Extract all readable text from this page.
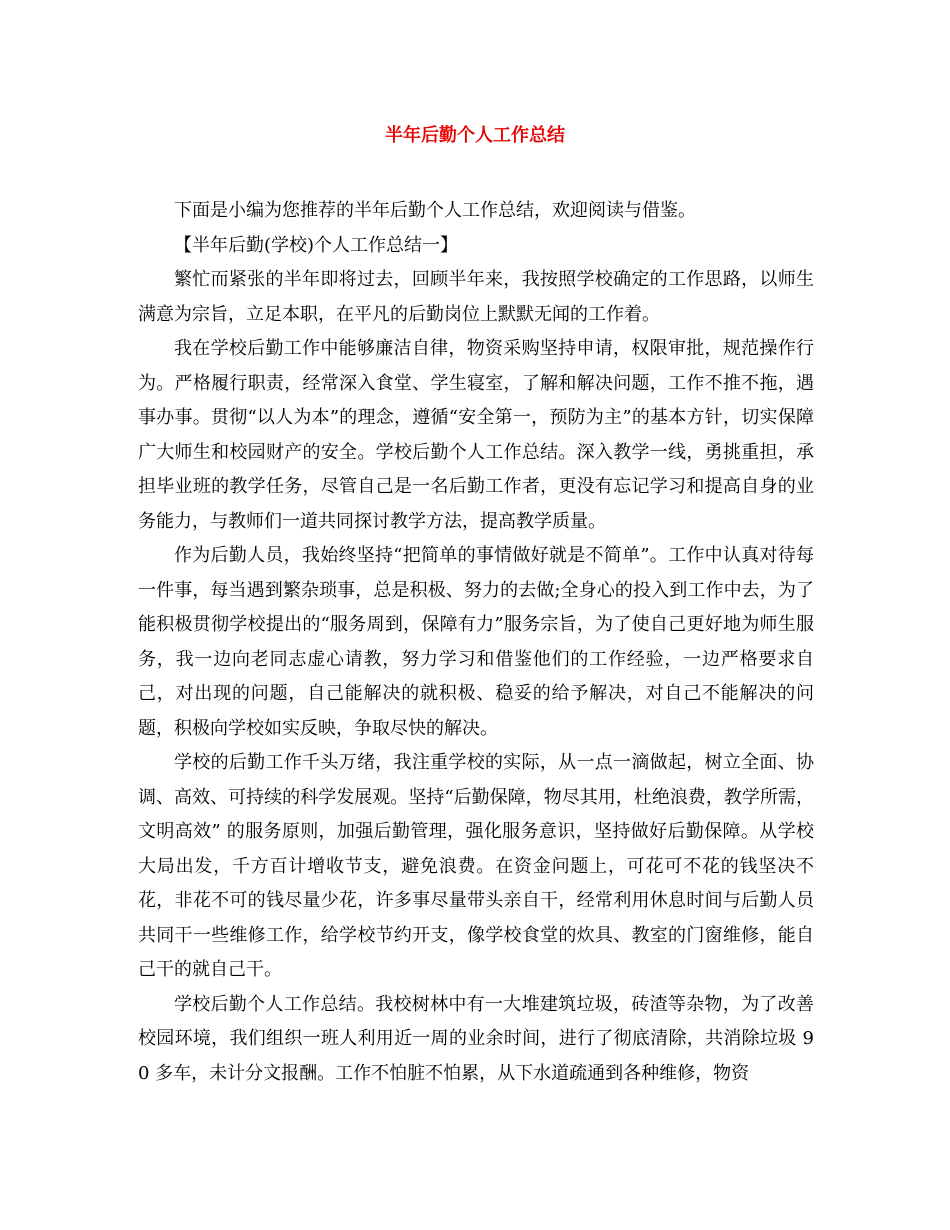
半年后勤个人工作总结

下面是小编为您推荐的半年后勤个人工作总结，欢迎阅读与借鉴。

【半年后勤(学校)个人工作总结一】

繁忙而紧张的半年即将过去，回顾半年来，我按照学校确定的工作思路，以师生满意为宗旨，立足本职，在平凡的后勤岗位上默默无闻的工作着。

我在学校后勤工作中能够廉洁自律，物资采购坚持申请，权限审批，规范操作行为。严格履行职责，经常深入食堂、学生寝室，了解和解决问题，工作不推不拖，遇事办事。贯彻“以人为本”的理念，遵循“安全第一，预防为主”的基本方针，切实保障广大师生和校园财产的安全。学校后勤个人工作总结。深入教学一线，勇挑重担，承担毕业班的教学任务，尽管自己是一名后勤工作者，更没有忘记学习和提高自身的业务能力，与教师们一道共同探讨教学方法，提高教学质量。

作为后勤人员，我始终坚持“把简单的事情做好就是不简单”。工作中认真对待每一件事，每当遇到繁杂琐事，总是积极、努力的去做;全身心的投入到工作中去，为了能积极贯彻学校提出的“服务周到，保障有力”服务宗旨，为了使自己更好地为师生服务，我一边向老同志虚心请教，努力学习和借鉴他们的工作经验，一边严格要求自己，对出现的问题，自己能解决的就积极、稳妥的给予解决，对自己不能解决的问题，积极向学校如实反映，争取尽快的解决。

学校的后勤工作千头万绪，我注重学校的实际，从一点一滴做起，树立全面、协调、高效、可持续的科学发展观。坚持“后勤保障，物尽其用，杜绝浪费，教学所需，文明高效” 的服务原则，加强后勤管理，强化服务意识，坚持做好后勤保障。从学校大局出发，千方百计增收节支，避免浪费。在资金问题上，可花可不花的钱坚决不花，非花不可的钱尽量少花，许多事尽量带头亲自干，经常利用休息时间与后勤人员共同干一些维修工作，给学校节约开支，像学校食堂的炊具、教室的门窗维修，能自己干的就自己干。

学校后勤个人工作总结。我校树林中有一大堆建筑垃圾，砖渣等杂物，为了改善校园环境，我们组织一班人利用近一周的业余时间，进行了彻底清除，共消除垃圾 90 多车，未计分文报酬。工作不怕脏不怕累，从下水道疏通到各种维修，物资
